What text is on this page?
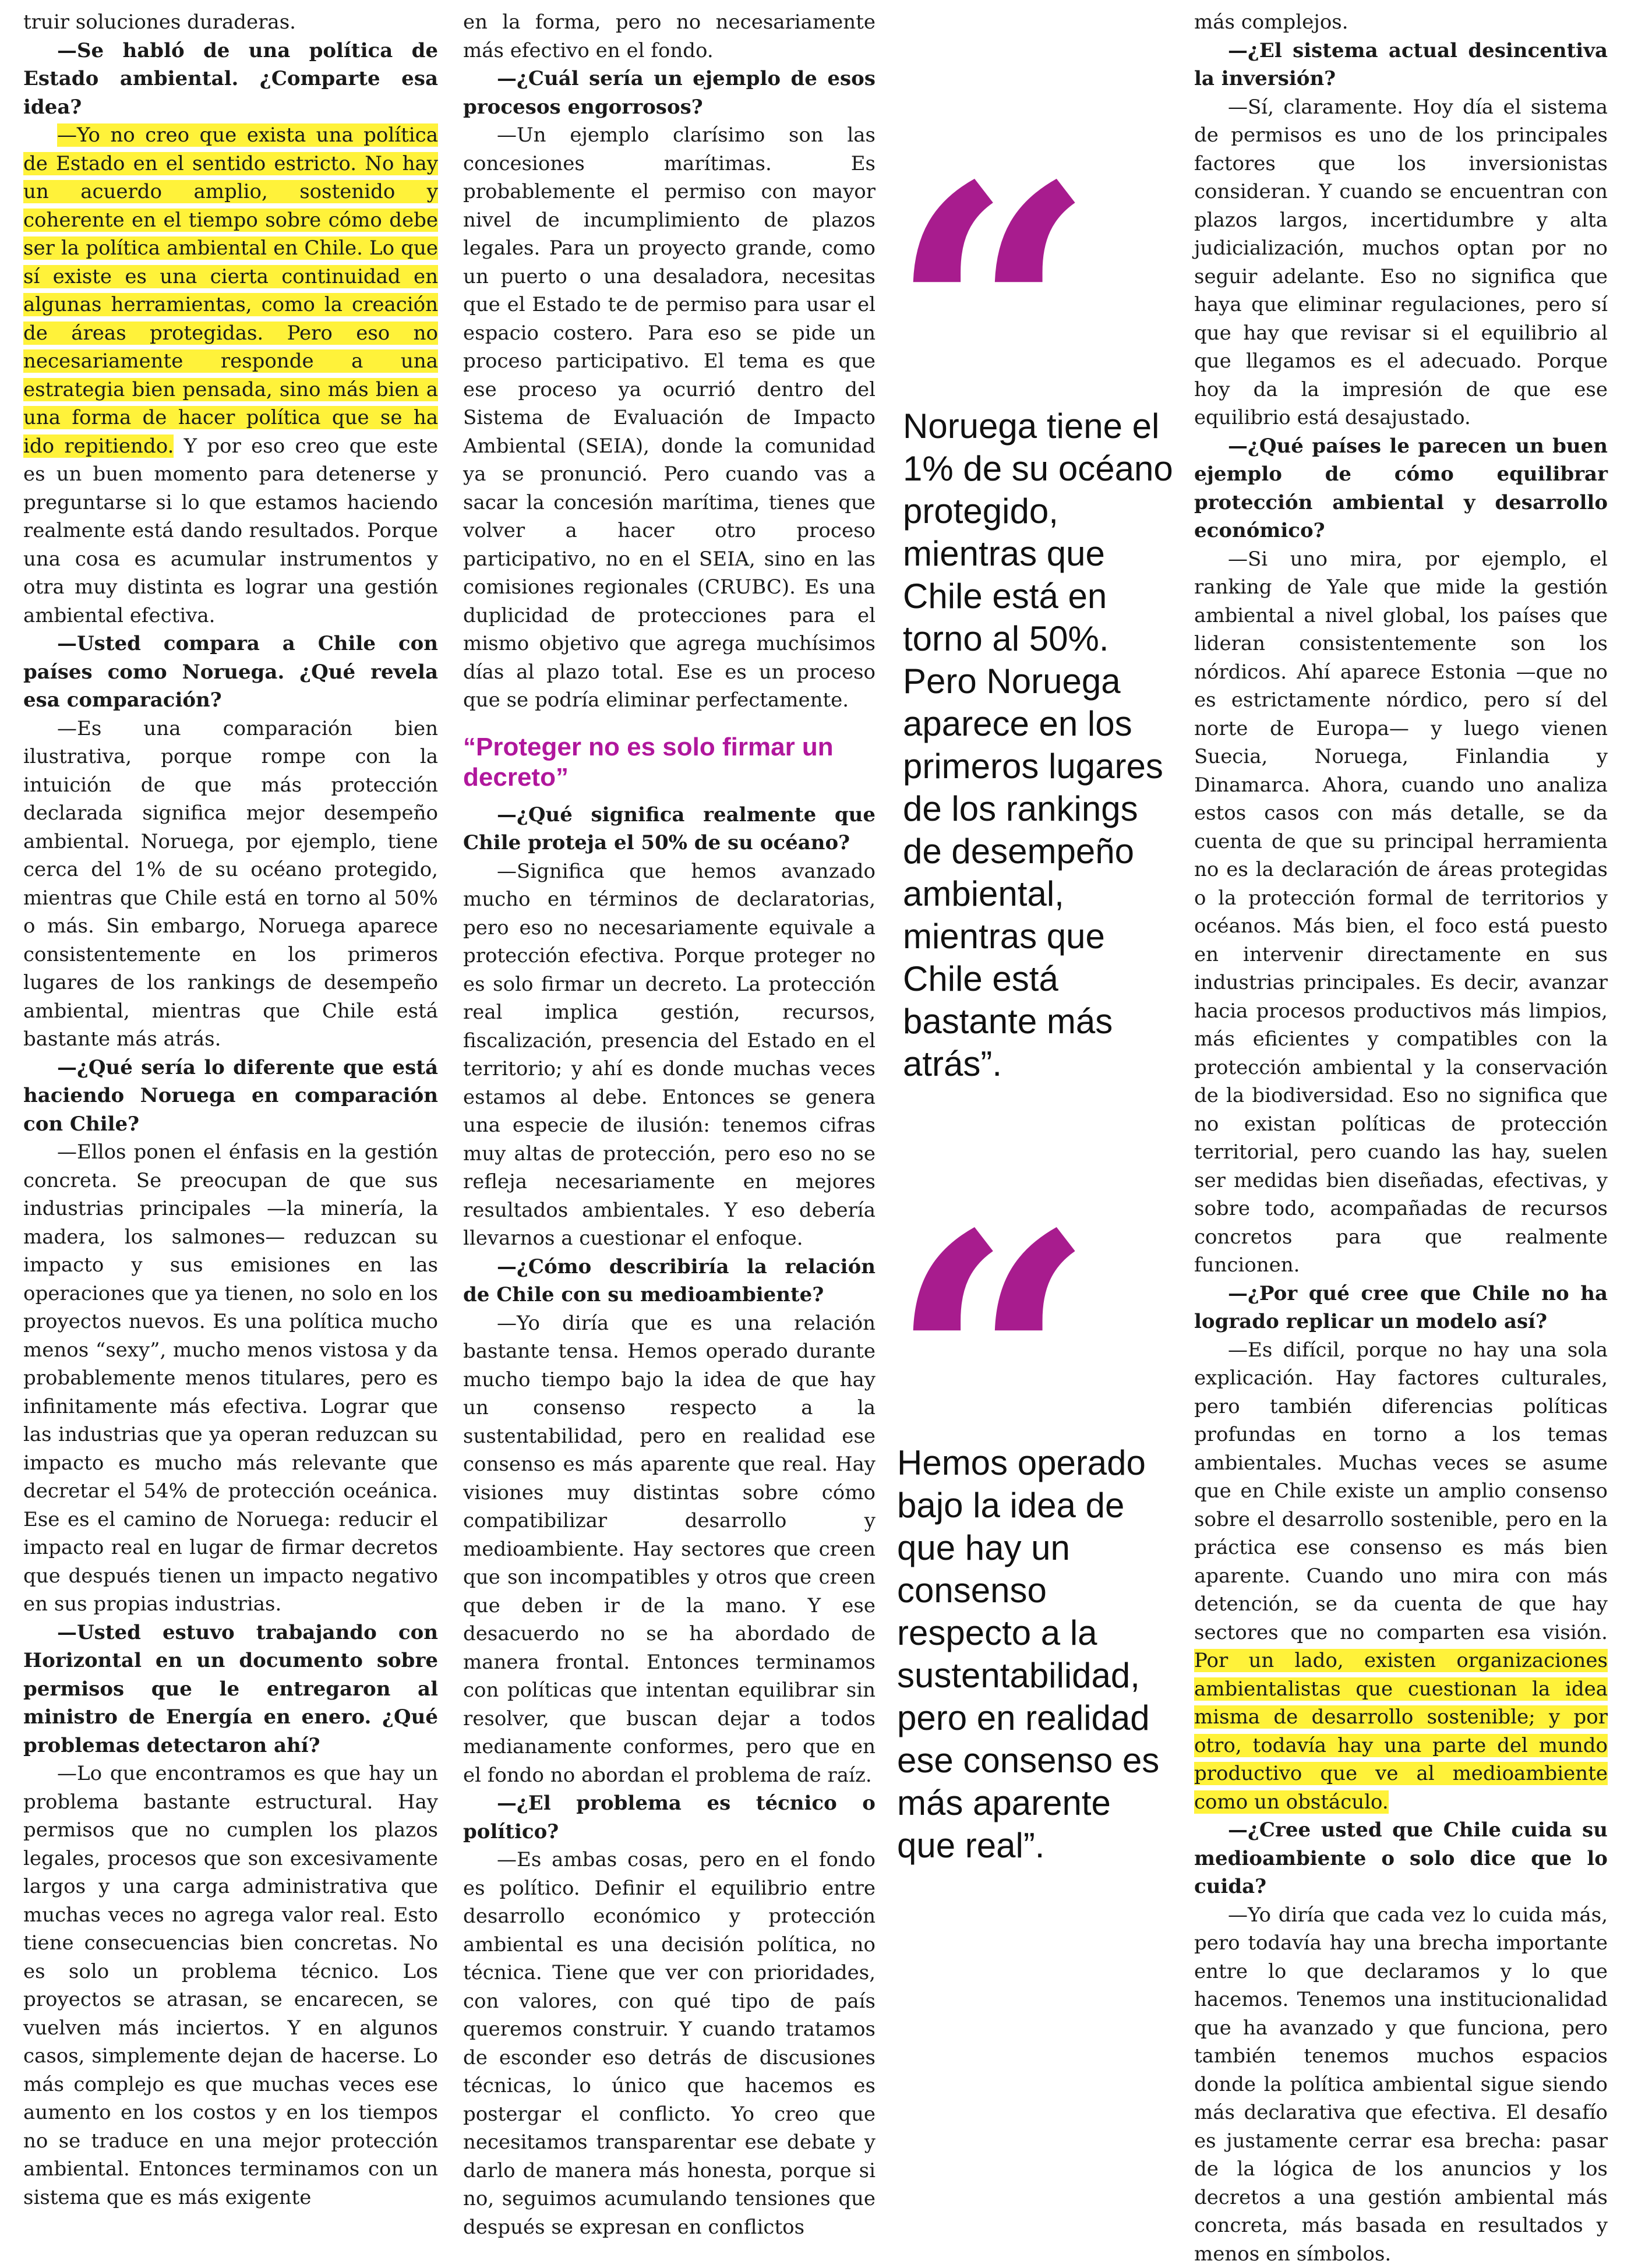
truir soluciones duraderas.

—Se habló de una política de Estado ambiental. ¿Comparte esa idea?

—Yo no creo que exista una política de Estado en el sentido estricto. No hay un acuerdo amplio, sostenido y coherente en el tiempo sobre cómo debe ser la política ambiental en Chile. Lo que sí existe es una cierta continuidad en algunas herramientas, como la creación de áreas protegidas. Pero eso no necesariamente responde a una estrategia bien pensada, sino más bien a una forma de hacer política que se ha ido repitiendo. Y por eso creo que este es un buen momento para detenerse y preguntarse si lo que estamos haciendo realmente está dando resultados. Porque una cosa es acumular instrumentos y otra muy distinta es lograr una gestión ambiental efectiva.

—Usted compara a Chile con países como Noruega. ¿Qué revela esa comparación?

—Es una comparación bien ilustrativa, porque rompe con la intuición de que más protección declarada significa mejor desempeño ambiental. Noruega, por ejemplo, tiene cerca del 1% de su océano protegido, mientras que Chile está en torno al 50% o más. Sin embargo, Noruega aparece consistentemente en los primeros lugares de los rankings de desempeño ambiental, mientras que Chile está bastante más atrás.

—¿Qué sería lo diferente que está haciendo Noruega en comparación con Chile?

—Ellos ponen el énfasis en la gestión concreta. Se preocupan de que sus industrias principales —la minería, la madera, los salmones— reduzcan su impacto y sus emisiones en las operaciones que ya tienen, no solo en los proyectos nuevos. Es una política mucho menos “sexy”, mucho menos vistosa y da probablemente menos titulares, pero es infinitamente más efectiva. Lograr que las industrias que ya operan reduzcan su impacto es mucho más relevante que decretar el 54% de protección oceánica. Ese es el camino de Noruega: reducir el impacto real en lugar de firmar decretos que después tienen un impacto negativo en sus propias industrias.

—Usted estuvo trabajando con Horizontal en un documento sobre permisos que le entregaron al ministro de Energía en enero. ¿Qué problemas detectaron ahí?

—Lo que encontramos es que hay un problema bastante estructural. Hay permisos que no cumplen los plazos legales, procesos que son excesivamente largos y una carga administrativa que muchas veces no agrega valor real. Esto tiene consecuencias bien concretas. No es solo un problema técnico. Los proyectos se atrasan, se encarecen, se vuelven más inciertos. Y en algunos casos, simplemente dejan de hacerse. Lo más complejo es que muchas veces ese aumento en los costos y en los tiempos no se traduce en una mejor protección ambiental. Entonces terminamos con un sistema que es más exigente

en la forma, pero no necesariamente más efectivo en el fondo.

—¿Cuál sería un ejemplo de esos procesos engorrosos?

—Un ejemplo clarísimo son las concesiones marítimas. Es probablemente el permiso con mayor nivel de incumplimiento de plazos legales. Para un proyecto grande, como un puerto o una desaladora, necesitas que el Estado te de permiso para usar el espacio costero. Para eso se pide un proceso participativo. El tema es que ese proceso ya ocurrió dentro del Sistema de Evaluación de Impacto Ambiental (SEIA), donde la comunidad ya se pronunció. Pero cuando vas a sacar la concesión marítima, tienes que volver a hacer otro proceso participativo, no en el SEIA, sino en las comisiones regionales (CRUBC). Es una duplicidad de protecciones para el mismo objetivo que agrega muchísimos días al plazo total. Ese es un proceso que se podría eliminar perfectamente.

“Proteger no es solo firmar un decreto”

—¿Qué significa realmente que Chile proteja el 50% de su océano?

—Significa que hemos avanzado mucho en términos de declaratorias, pero eso no necesariamente equivale a protección efectiva. Porque proteger no es solo firmar un decreto. La protección real implica gestión, recursos, fiscalización, presencia del Estado en el territorio; y ahí es donde muchas veces estamos al debe. Entonces se genera una especie de ilusión: tenemos cifras muy altas de protección, pero eso no se refleja necesariamente en mejores resultados ambientales. Y eso debería llevarnos a cuestionar el enfoque.

—¿Cómo describiría la relación de Chile con su medioambiente?

—Yo diría que es una relación bastante tensa. Hemos operado durante mucho tiempo bajo la idea de que hay un consenso respecto a la sustentabilidad, pero en realidad ese consenso es más aparente que real. Hay visiones muy distintas sobre cómo compatibilizar desarrollo y medioambiente. Hay sectores que creen que son incompatibles y otros que creen que deben ir de la mano. Y ese desacuerdo no se ha abordado de manera frontal. Entonces terminamos con políticas que intentan equilibrar sin resolver, que buscan dejar a todos medianamente conformes, pero que en el fondo no abordan el problema de raíz.

—¿El problema es técnico o político?

—Es ambas cosas, pero en el fondo es político. Definir el equilibrio entre desarrollo económico y protección ambiental es una decisión política, no técnica. Tiene que ver con prioridades, con valores, con qué tipo de país queremos construir. Y cuando tratamos de esconder eso detrás de discusiones técnicas, lo único que hacemos es postergar el conflicto. Yo creo que necesitamos transparentar ese debate y darlo de manera más honesta, porque si no, seguimos acumulando tensiones que después se expresan en conflictos

Noruega tiene el 1% de su océano protegido, mientras que Chile está en torno al 50%. Pero Noruega aparece en los primeros lugares de los rankings de desempeño ambiental, mientras que Chile está bastante más atrás”.
Hemos operado bajo la idea de que hay un consenso respecto a la sustentabilidad, pero en realidad ese consenso es más aparente que real”.

más complejos.

—¿El sistema actual desincentiva la inversión?

—Sí, claramente. Hoy día el sistema de permisos es uno de los principales factores que los inversionistas consideran. Y cuando se encuentran con plazos largos, incertidumbre y alta judicialización, muchos optan por no seguir adelante. Eso no significa que haya que eliminar regulaciones, pero sí que hay que revisar si el equilibrio al que llegamos es el adecuado. Porque hoy da la impresión de que ese equilibrio está desajustado.

—¿Qué países le parecen un buen ejemplo de cómo equilibrar protección ambiental y desarrollo económico?

—Si uno mira, por ejemplo, el ranking de Yale que mide la gestión ambiental a nivel global, los países que lideran consistentemente son los nórdicos. Ahí aparece Estonia —que no es estrictamente nórdico, pero sí del norte de Europa— y luego vienen Suecia, Noruega, Finlandia y Dinamarca. Ahora, cuando uno analiza estos casos con más detalle, se da cuenta de que su principal herramienta no es la declaración de áreas protegidas o la protección formal de territorios y océanos. Más bien, el foco está puesto en intervenir directamente en sus industrias principales. Es decir, avanzar hacia procesos productivos más limpios, más eficientes y compatibles con la protección ambiental y la conservación de la biodiversidad. Eso no significa que no existan políticas de protección territorial, pero cuando las hay, suelen ser medidas bien diseñadas, efectivas, y sobre todo, acompañadas de recursos concretos para que realmente funcionen.

—¿Por qué cree que Chile no ha logrado replicar un modelo así?

—Es difícil, porque no hay una sola explicación. Hay factores culturales, pero también diferencias políticas profundas en torno a los temas ambientales. Muchas veces se asume que en Chile existe un amplio consenso sobre el desarrollo sostenible, pero en la práctica ese consenso es más bien aparente. Cuando uno mira con más detención, se da cuenta de que hay sectores que no comparten esa visión. Por un lado, existen organizaciones ambientalistas que cuestionan la idea misma de desarrollo sostenible; y por otro, todavía hay una parte del mundo productivo que ve al medioambiente como un obstáculo.

—¿Cree usted que Chile cuida su medioambiente o solo dice que lo cuida?

—Yo diría que cada vez lo cuida más, pero todavía hay una brecha importante entre lo que declaramos y lo que hacemos. Tenemos una institucionalidad que ha avanzado y que funciona, pero también tenemos muchos espacios donde la política ambiental sigue siendo más declarativa que efectiva. El desafío es justamente cerrar esa brecha: pasar de la lógica de los anuncios y los decretos a una gestión ambiental más concreta, más basada en resultados y menos en símbolos.
